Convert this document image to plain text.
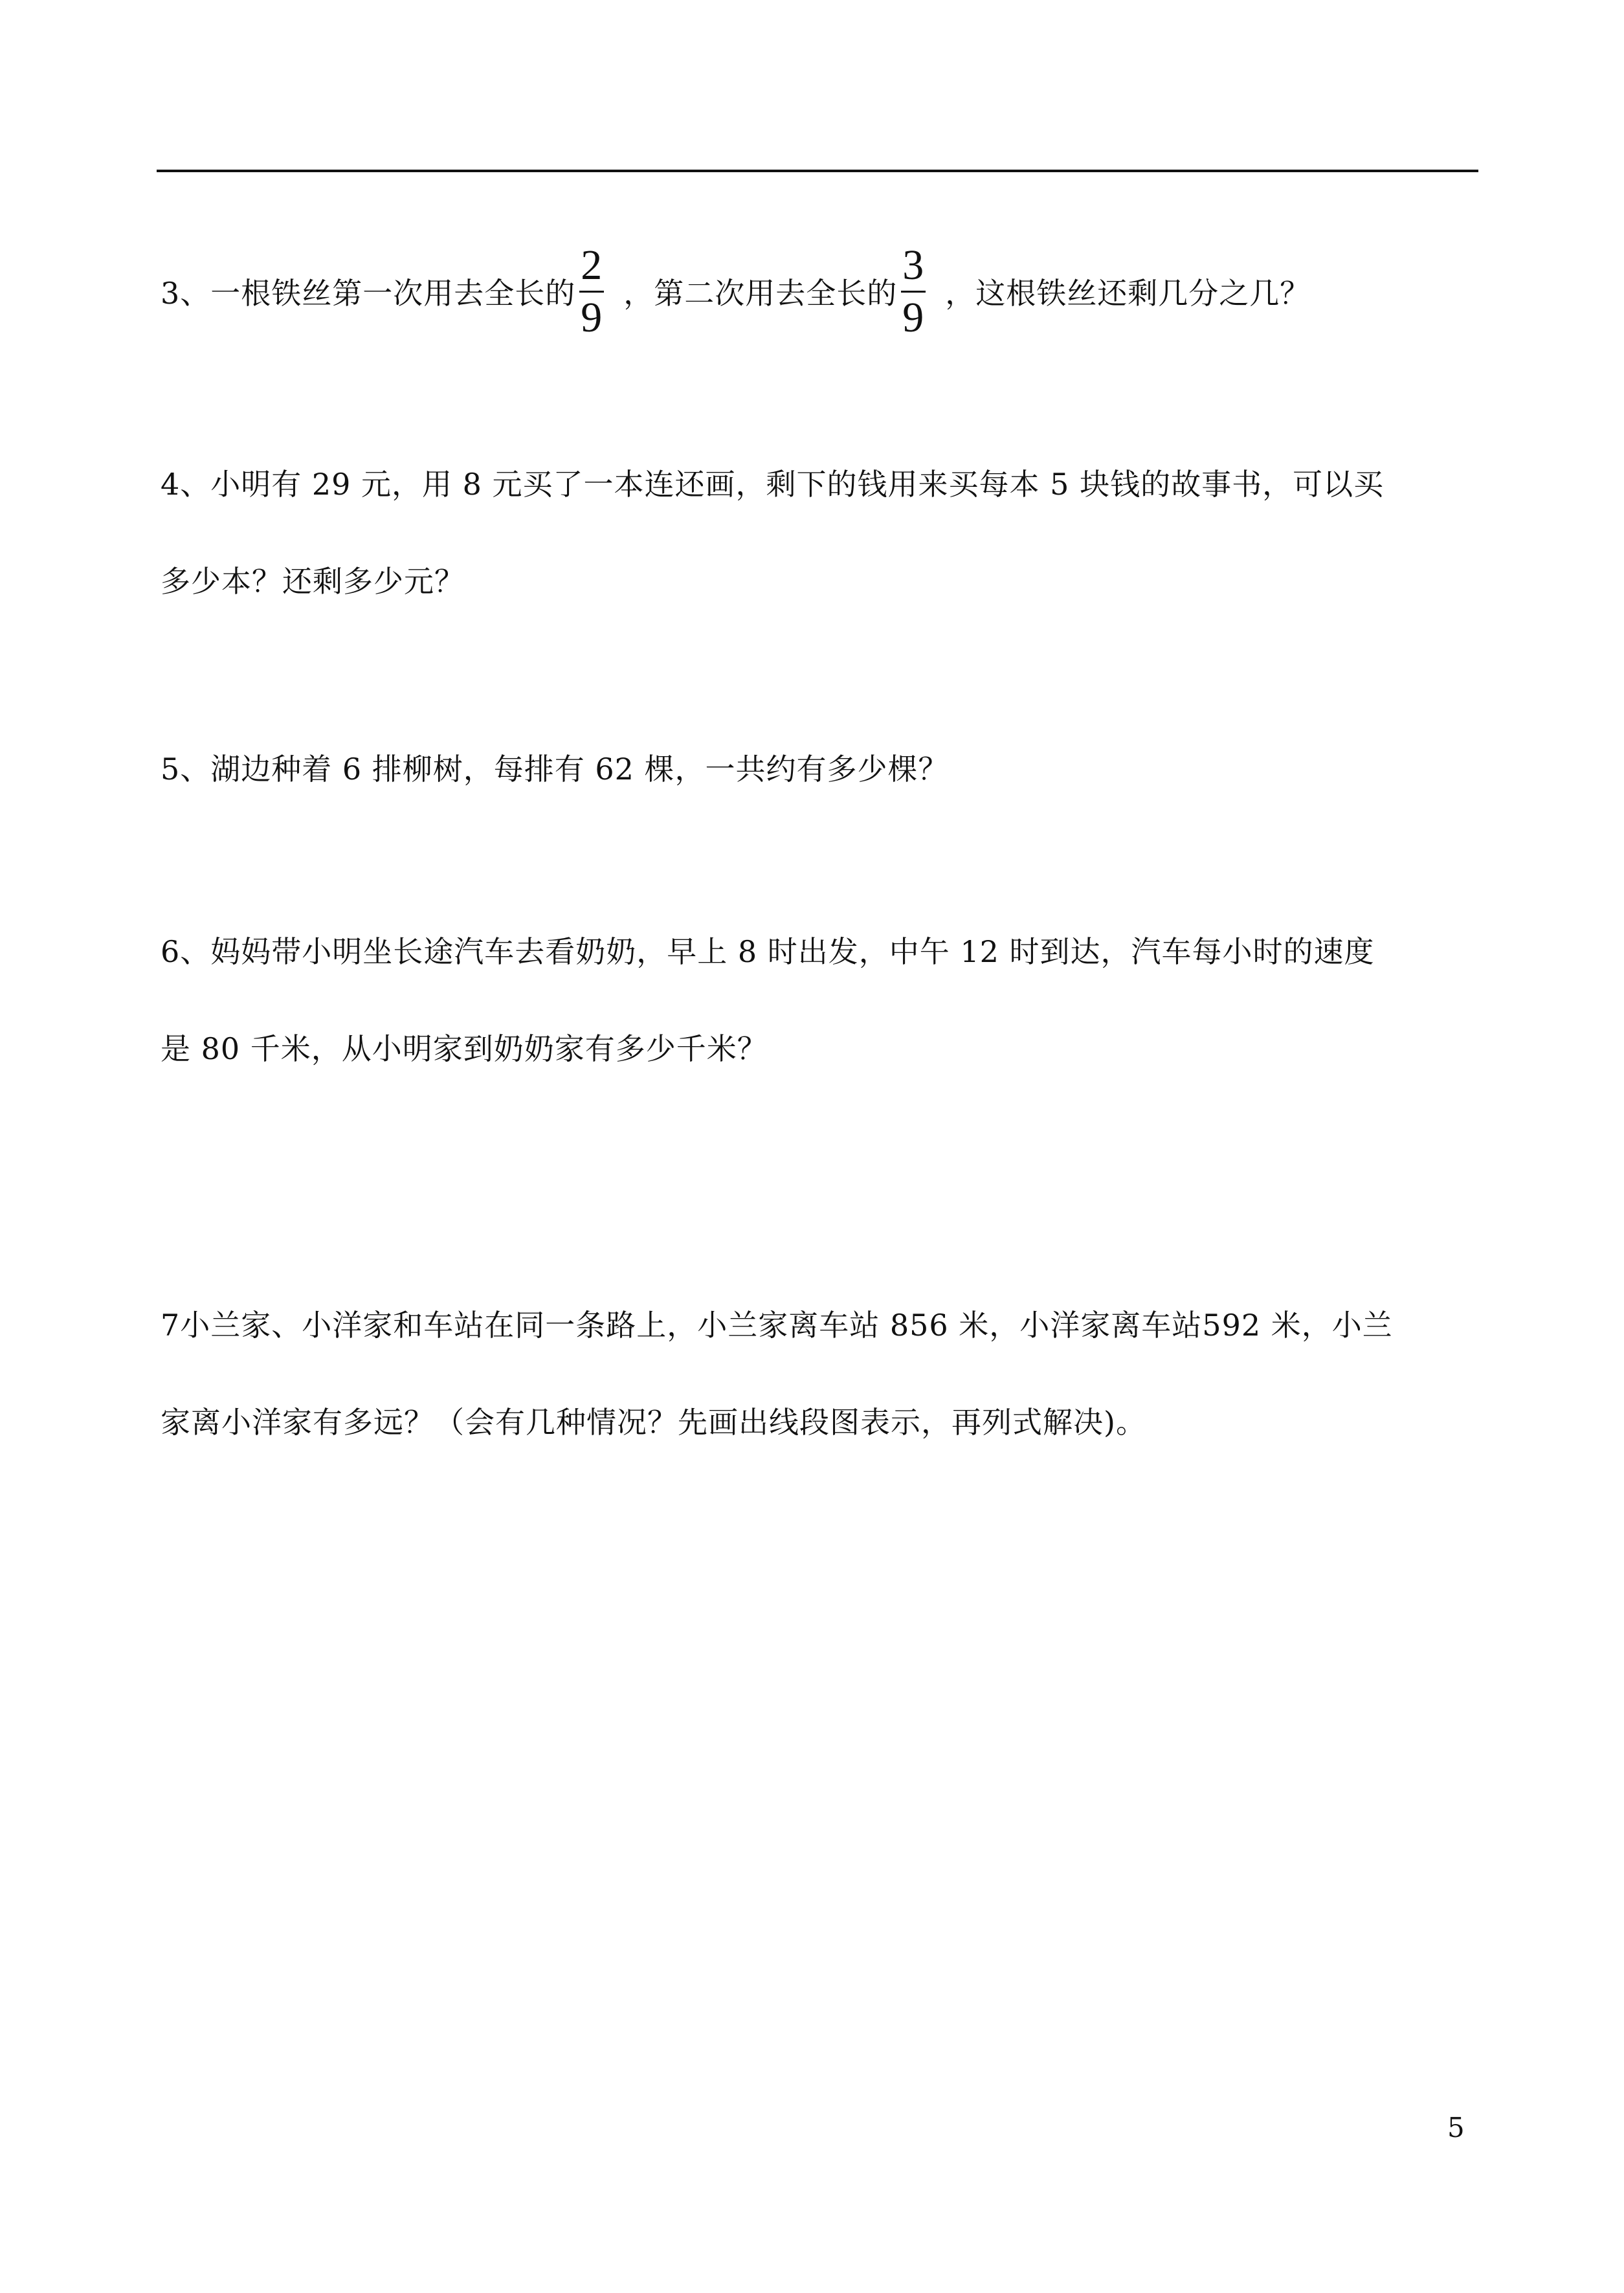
3、一根铁丝第一次用去全长的 $\frac{2}{9}$ ，第二次用去全长的 $\frac{3}{9}$ ，这根铁丝还剩几分之几？
4、小明有 29 元，用 8 元买了一本连还画，剩下的钱用来买每本 5 块钱的故事书，可以买
多少本？还剩多少元？
5、湖边种着 6 排柳树，每排有 62 棵，一共约有多少棵？
6、妈妈带小明坐长途汽车去看奶奶，早上 8 时出发，中午 12 时到达，汽车每小时的速度
是 80 千米，从小明家到奶奶家有多少千米？
7小兰家、小洋家和车站在同一条路上，小兰家离车站 856 米，小洋家离车站592 米，小兰
家离小洋家有多远？（会有几种情况？先画出线段图表示，再列式解决)。
5
